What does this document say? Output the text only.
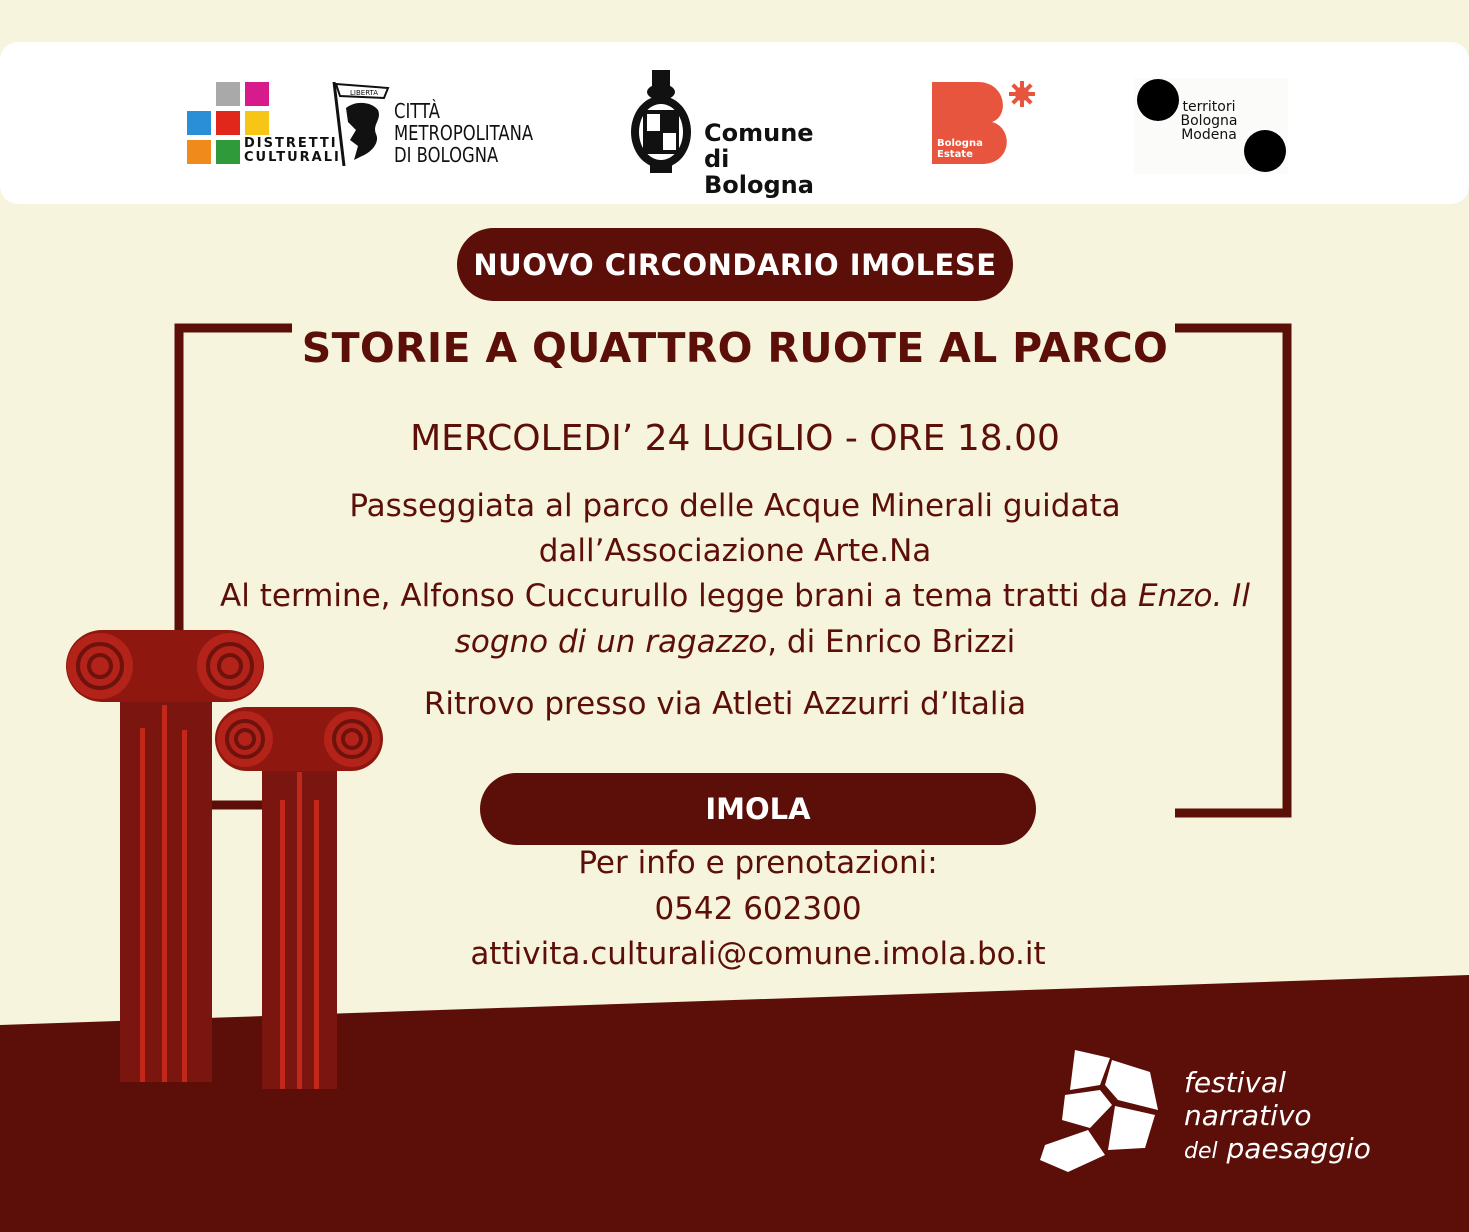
DISTRETTI
CULTURALI
LIBERTA
CITTÀ
METROPOLITANA
DI BOLOGNA
Comune
di Bologna
Bologna
Estate
territori
Bologna
Modena
NUOVO CIRCONDARIO IMOLESE
STORIE A QUATTRO RUOTE AL PARCO
MERCOLEDI’ 24 LUGLIO - ORE 18.00
Passeggiata al parco delle Acque Minerali guidata
dall’Associazione Arte.Na
Al termine, Alfonso Cuccurullo legge brani a tema tratti da Enzo. Il
sogno di un ragazzo, di Enrico Brizzi
Ritrovo presso via Atleti Azzurri d’Italia
IMOLA
Per info e prenotazioni:
0542 602300
attivita.culturali@comune.imola.bo.it
festival
narrativo
del paesaggio
